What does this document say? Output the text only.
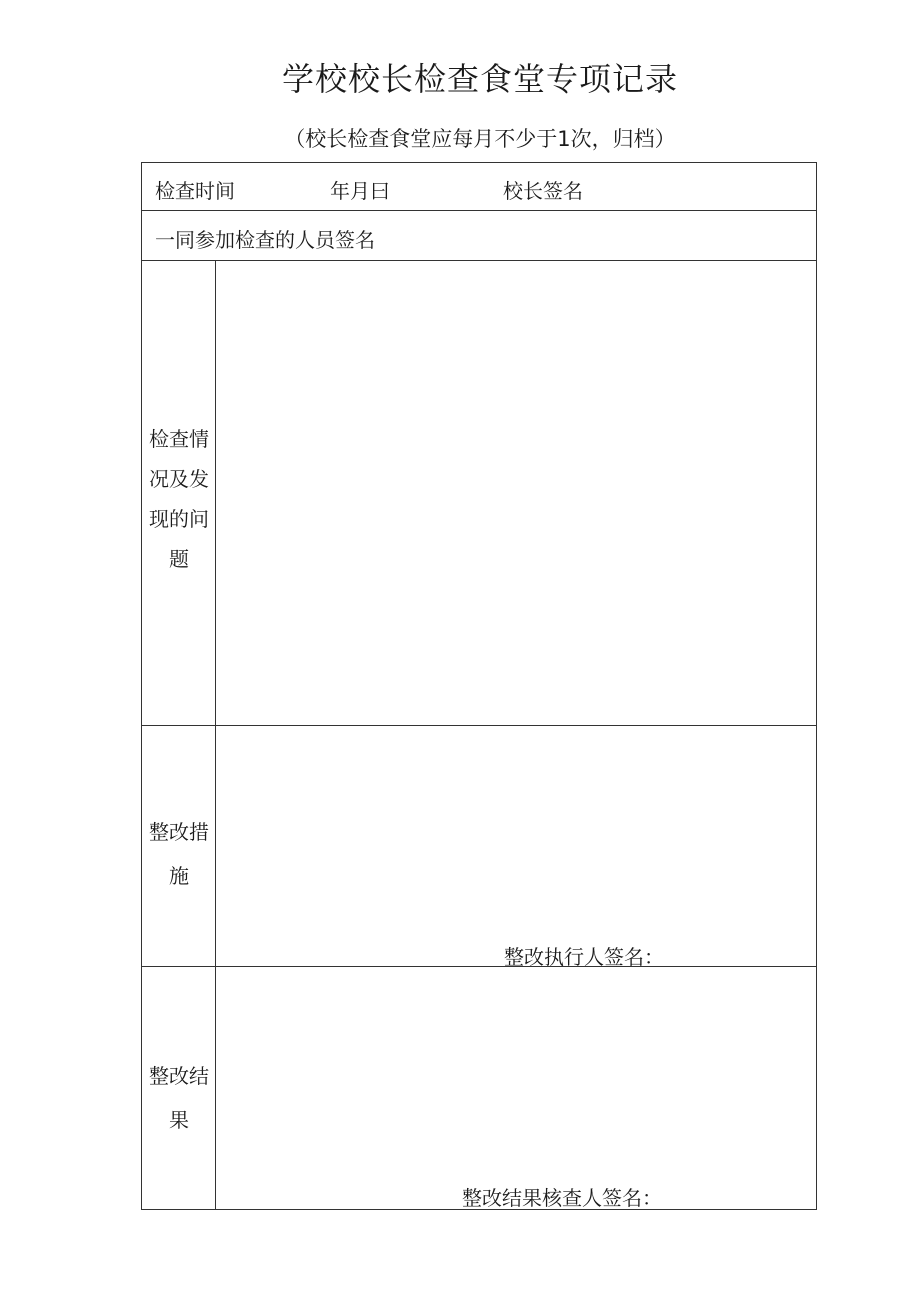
学校校长检查食堂专项记录
（校长检查食堂应每月不少于1次，归档）
检查时间	年月曰	校长签名
一同参加检查的人员签名
检查情况及发现的问题
整改措施
整改执行人签名：
整改结果
整改结果核查人签名：
